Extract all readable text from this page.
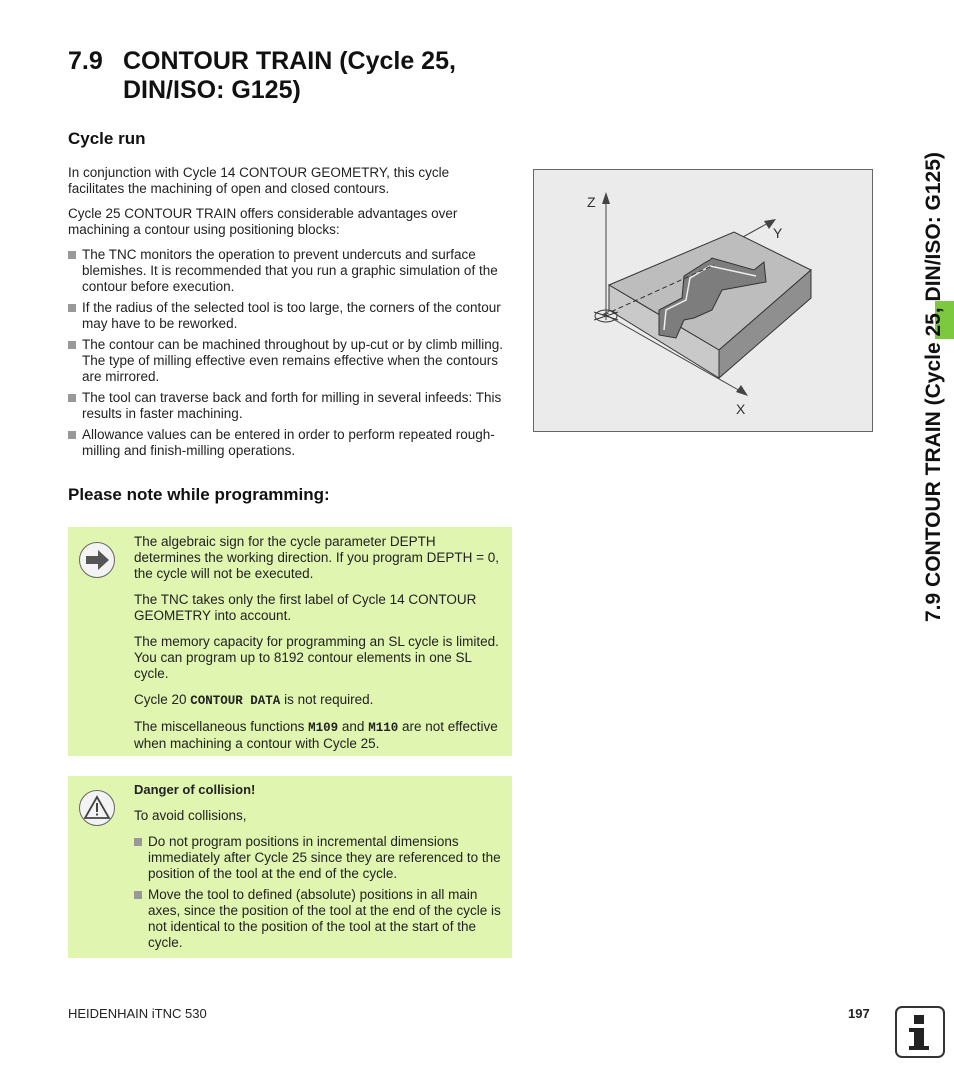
7.9 CONTOUR TRAIN (Cycle 25,
DIN/ISO: G125)
Cycle run

In conjunction with Cycle 14 CONTOUR GEOMETRY, this cycle facilitates the machining of open and closed contours.

Cycle 25 CONTOUR TRAIN offers considerable advantages over machining a contour using positioning blocks:

The TNC monitors the operation to prevent undercuts and surface blemishes. It is recommended that you run a graphic simulation of the contour before execution.
If the radius of the selected tool is too large, the corners of the contour may have to be reworked.
The contour can be machined throughout by up-cut or by climb milling. The type of milling effective even remains effective when the contours are mirrored.
The tool can traverse back and forth for milling in several infeeds: This results in faster machining.
Allowance values can be entered in order to perform repeated rough-milling and finish-milling operations.
Z
Y
X
Please note while programming:

The algebraic sign for the cycle parameter DEPTH determines the working direction. If you program DEPTH = 0, the cycle will not be executed.

The TNC takes only the first label of Cycle 14 CONTOUR GEOMETRY into account.

The memory capacity for programming an SL cycle is limited. You can program up to 8192 contour elements in one SL cycle.

Cycle 20 CONTOUR DATA is not required.

The miscellaneous functions M109 and M110 are not effective when machining a contour with Cycle 25.

Danger of collision!

To avoid collisions,

Do not program positions in incremental dimensions immediately after Cycle 25 since they are referenced to the position of the tool at the end of the cycle.
Move the tool to defined (absolute) positions in all main axes, since the position of the tool at the end of the cycle is not identical to the position of the tool at the start of the cycle.
7.9 CONTOUR TRAIN (Cycle 25, DIN/ISO: G125)
HEIDENHAIN iTNC 530	197
